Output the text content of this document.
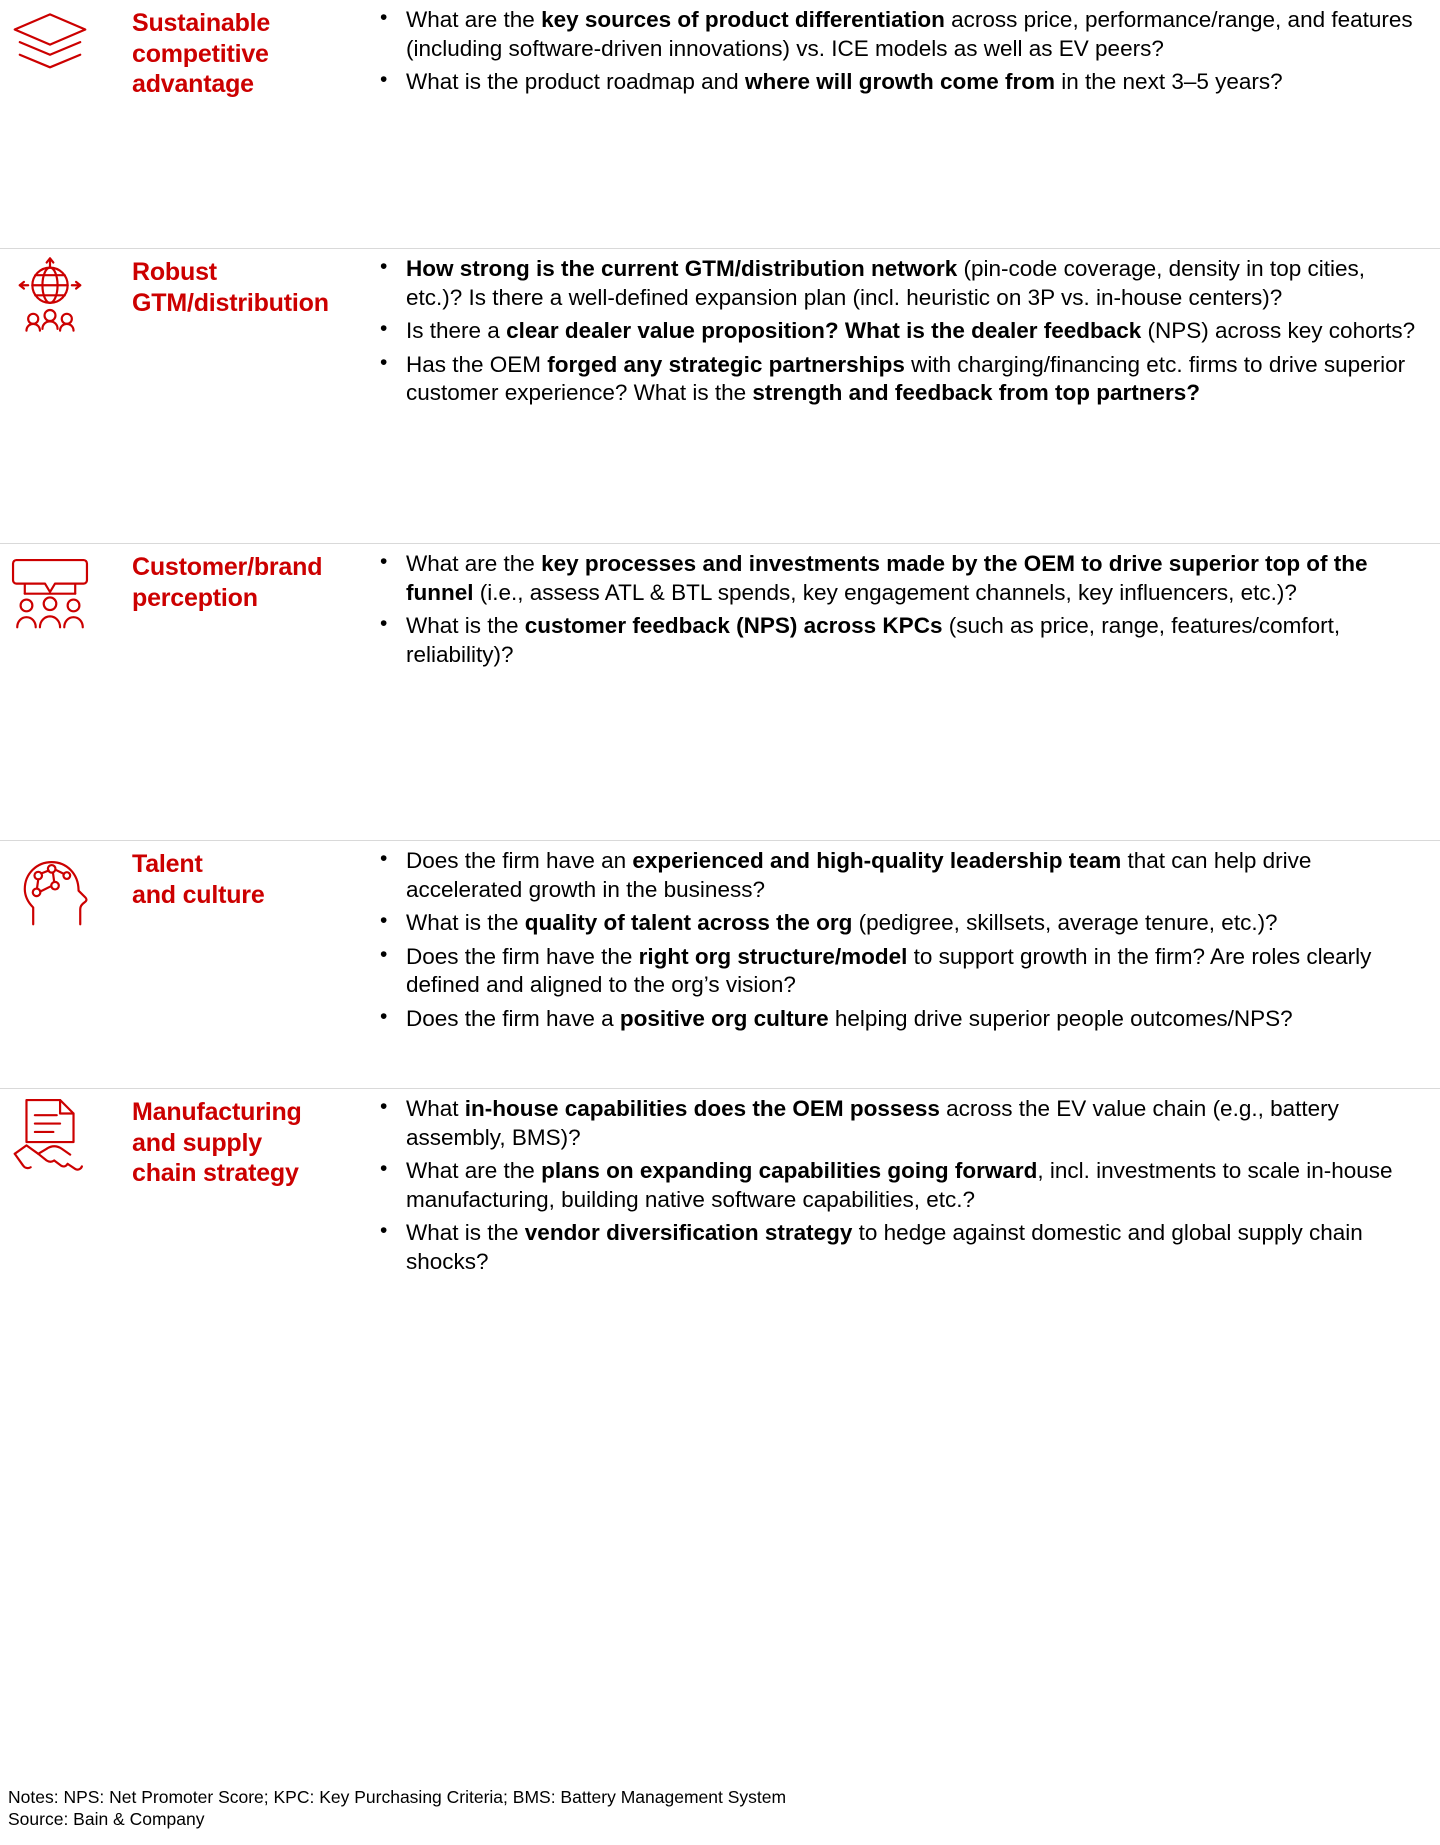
Sustainable
competitive
advantage
• What are the key sources of product differentiation across price, performance/range, and features (including software-driven innovations) vs. ICE models as well as EV peers?
• What is the product roadmap and where will growth come from in the next 3–5 years?
Robust
GTM/distribution
• How strong is the current GTM/distribution network (pin-code coverage, density in top cities, etc.)? Is there a well-defined expansion plan (incl. heuristic on 3P vs. in-house centers)?
• Is there a clear dealer value proposition? What is the dealer feedback (NPS) across key cohorts?
• Has the OEM forged any strategic partnerships with charging/financing etc. firms to drive superior customer experience? What is the strength and feedback from top partners?
Customer/brand
perception
• What are the key processes and investments made by the OEM to drive superior top of the funnel (i.e., assess ATL & BTL spends, key engagement channels, key influencers, etc.)?
• What is the customer feedback (NPS) across KPCs (such as price, range, features/comfort, reliability)?
Talent
and culture
• Does the firm have an experienced and high-quality leadership team that can help drive accelerated growth in the business?
• What is the quality of talent across the org (pedigree, skillsets, average tenure, etc.)?
• Does the firm have the right org structure/model to support growth in the firm? Are roles clearly defined and aligned to the org’s vision?
• Does the firm have a positive org culture helping drive superior people outcomes/NPS?
Manufacturing
and supply
chain strategy
• What in-house capabilities does the OEM possess across the EV value chain (e.g., battery assembly, BMS)?
• What are the plans on expanding capabilities going forward, incl. investments to scale in-house manufacturing, building native software capabilities, etc.?
• What is the vendor diversification strategy to hedge against domestic and global supply chain shocks?
Notes: NPS: Net Promoter Score; KPC: Key Purchasing Criteria; BMS: Battery Management System
Source: Bain & Company
